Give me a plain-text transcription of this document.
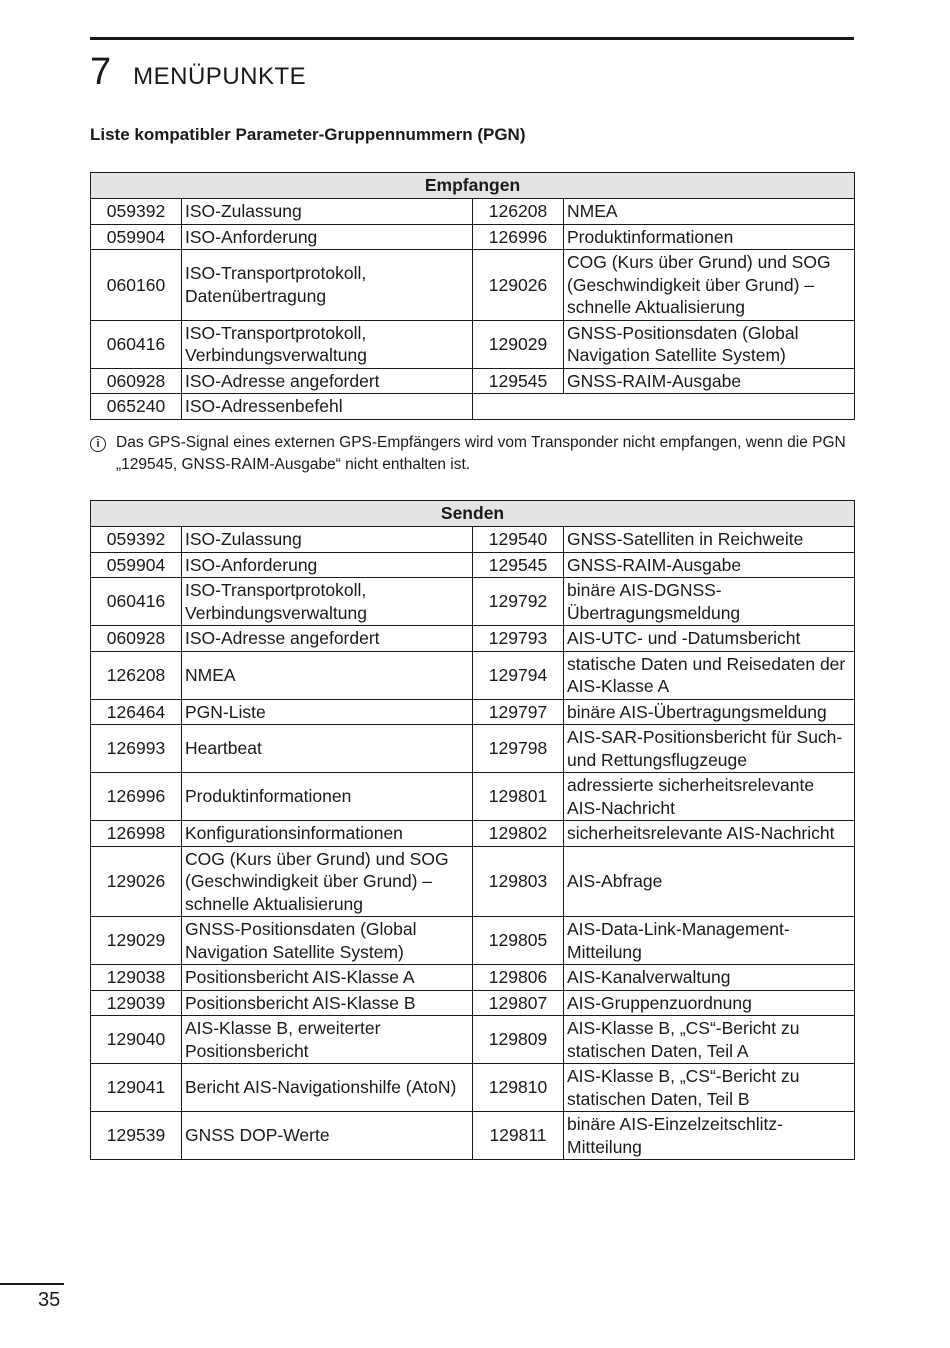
7 MENÜPUNKTE
Liste kompatibler Parameter-Gruppennummern (PGN)
Empfangen			
059392	ISO-Zulassung	126208	NMEA
059904	ISO-Anforderung	126996	Produktinformationen
060160	ISO-Transportprotokoll, Datenübertragung	129026	COG (Kurs über Grund) und SOG (Geschwindigkeit über Grund) – schnelle Aktualisierung
060416	ISO-Transportprotokoll, Verbindungsverwaltung	129029	GNSS-Positionsdaten (Global Navigation Satellite System)
060928	ISO-Adresse angefordert	129545	GNSS-RAIM-Ausgabe
065240	ISO-Adressenbefehl		
i	Das GPS-Signal eines externen GPS-Empfängers wird vom Transponder nicht empfangen, wenn die PGN „129545, GNSS-RAIM-Ausgabe“ nicht enthalten ist.
Senden			
059392	ISO-Zulassung	129540	GNSS-Satelliten in Reichweite
059904	ISO-Anforderung	129545	GNSS-RAIM-Ausgabe
060416	ISO-Transportprotokoll, Verbindungsverwaltung	129792	binäre AIS-DGNSS-Übertragungsmeldung
060928	ISO-Adresse angefordert	129793	AIS-UTC- und -Datumsbericht
126208	NMEA	129794	statische Daten und Reisedaten der AIS-Klasse A
126464	PGN-Liste	129797	binäre AIS-Übertragungsmeldung
126993	Heartbeat	129798	AIS-SAR-Positionsbericht für Such- und Rettungsflugzeuge
126996	Produktinformationen	129801	adressierte sicherheitsrelevante AIS-Nachricht
126998	Konfigurationsinformationen	129802	sicherheitsrelevante AIS-Nachricht
129026	COG (Kurs über Grund) und SOG (Geschwindigkeit über Grund) – schnelle Aktualisierung	129803	AIS-Abfrage
129029	GNSS-Positionsdaten (Global Navigation Satellite System)	129805	AIS-Data-Link-Management-Mitteilung
129038	Positionsbericht AIS-Klasse A	129806	AIS-Kanalverwaltung
129039	Positionsbericht AIS-Klasse B	129807	AIS-Gruppenzuordnung
129040	AIS-Klasse B, erweiterter Positionsbericht	129809	AIS-Klasse B, „CS“-Bericht zu statischen Daten, Teil A
129041	Bericht AIS-Navigationshilfe (AtoN)	129810	AIS-Klasse B, „CS“-Bericht zu statischen Daten, Teil B
129539	GNSS DOP-Werte	129811	binäre AIS-Einzelzeitschlitz-Mitteilung
35
